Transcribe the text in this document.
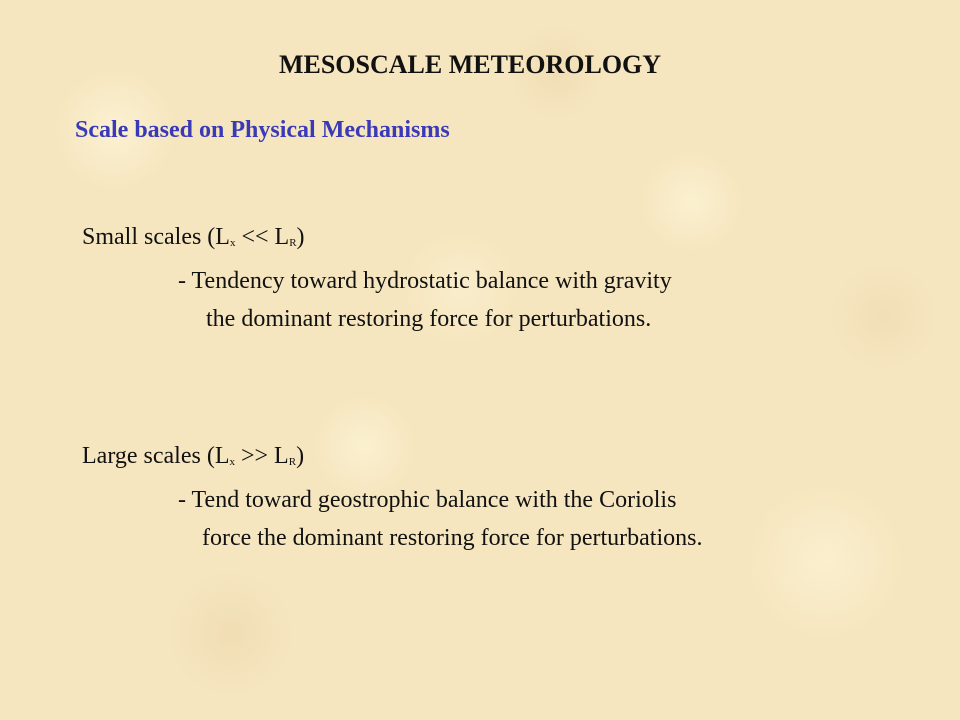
MESOSCALE METEOROLOGY
Scale based on Physical Mechanisms
Small scales (Lx << LR)
- Tendency toward hydrostatic balance with gravity
the dominant restoring force for perturbations.
Large scales (Lx >> LR)
- Tend toward geostrophic balance with the Coriolis
force the dominant restoring force for perturbations.
